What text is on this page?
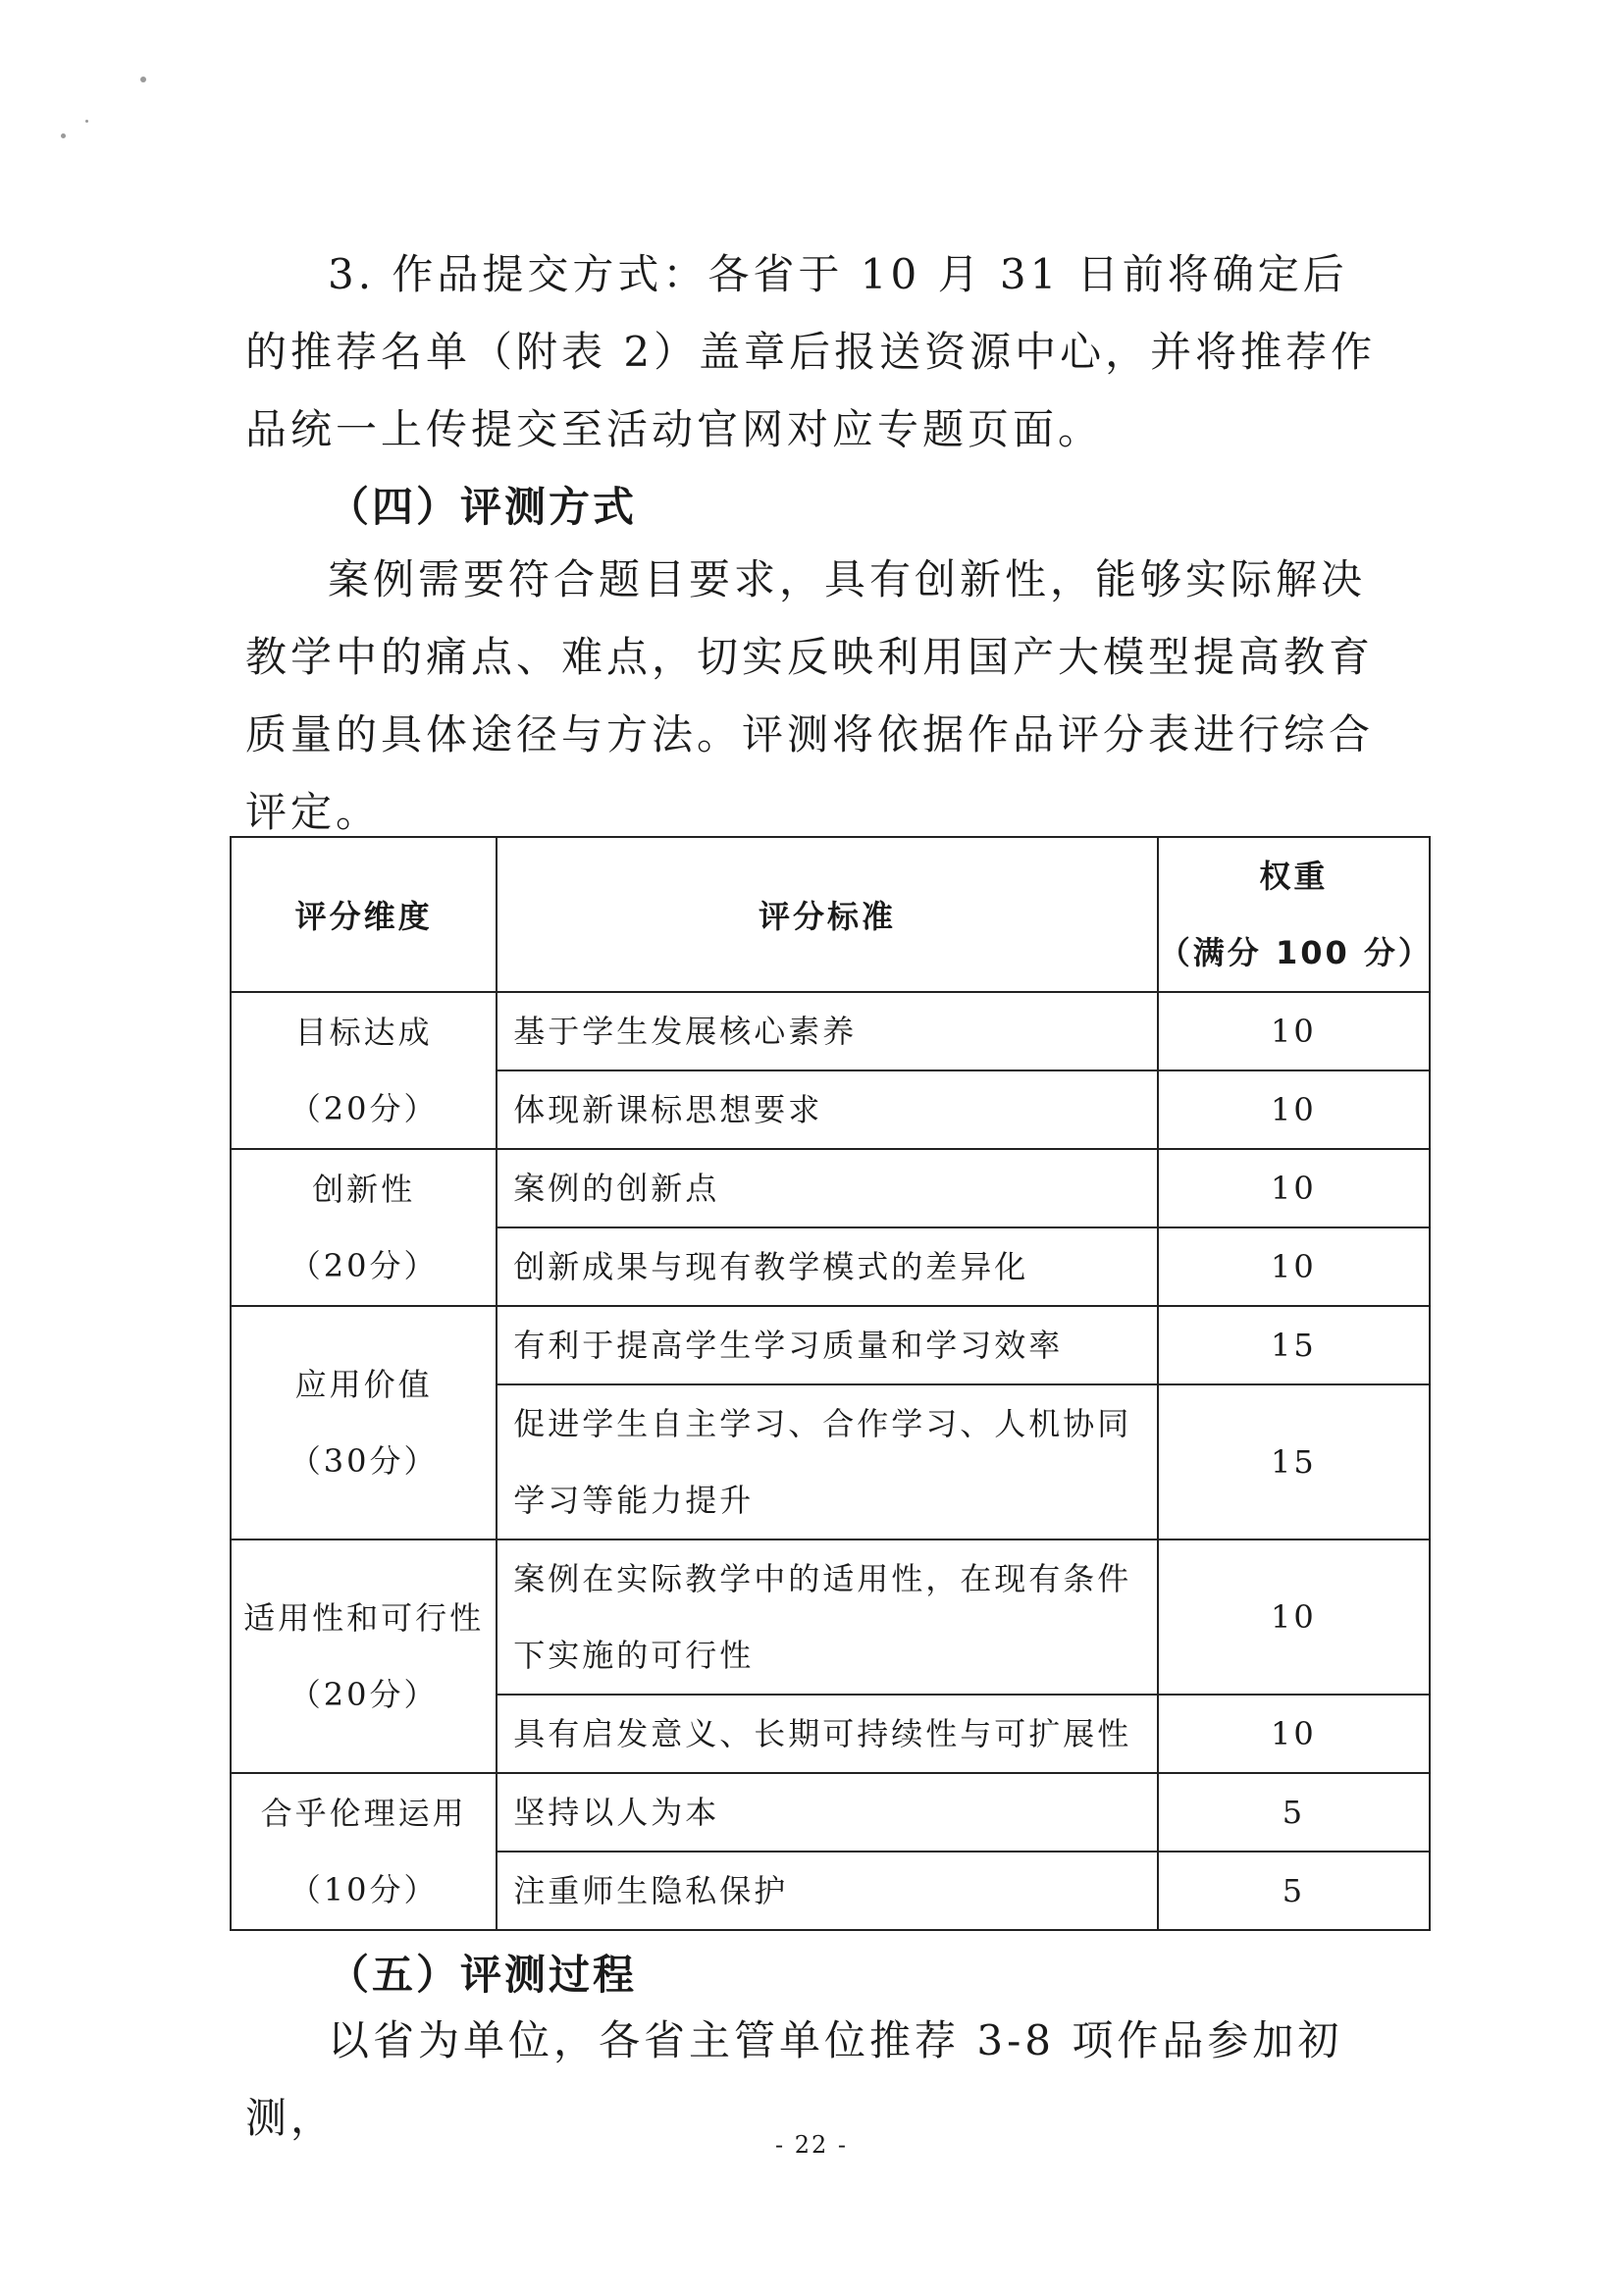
3. 作品提交方式：各省于 10 月 31 日前将确定后的推荐名单（附表 2）盖章后报送资源中心，并将推荐作品统一上传提交至活动官网对应专题页面。

（四）评测方式

案例需要符合题目要求，具有创新性，能够实际解决教学中的痛点、难点，切实反映利用国产大模型提高教育质量的具体途径与方法。评测将依据作品评分表进行综合评定。

评分维度	评分标准	权重
（满分 100 分）

目标达成
（20分）	基于学生发展核心素养	10
	体现新课标思想要求	10

创新性
（20分）	案例的创新点	10
	创新成果与现有教学模式的差异化	10

应用价值
（30分）	有利于提高学生学习质量和学习效率	15
	促进学生自主学习、合作学习、人机协同学习等能力提升	15

适用性和可行性
（20分）	案例在实际教学中的适用性，在现有条件下实施的可行性	10
	具有启发意义、长期可持续性与可扩展性	10

合乎伦理运用
（10分）	坚持以人为本	5
	注重师生隐私保护	5
（五）评测过程

以省为单位，各省主管单位推荐 3-8 项作品参加初测，

- 22 -
